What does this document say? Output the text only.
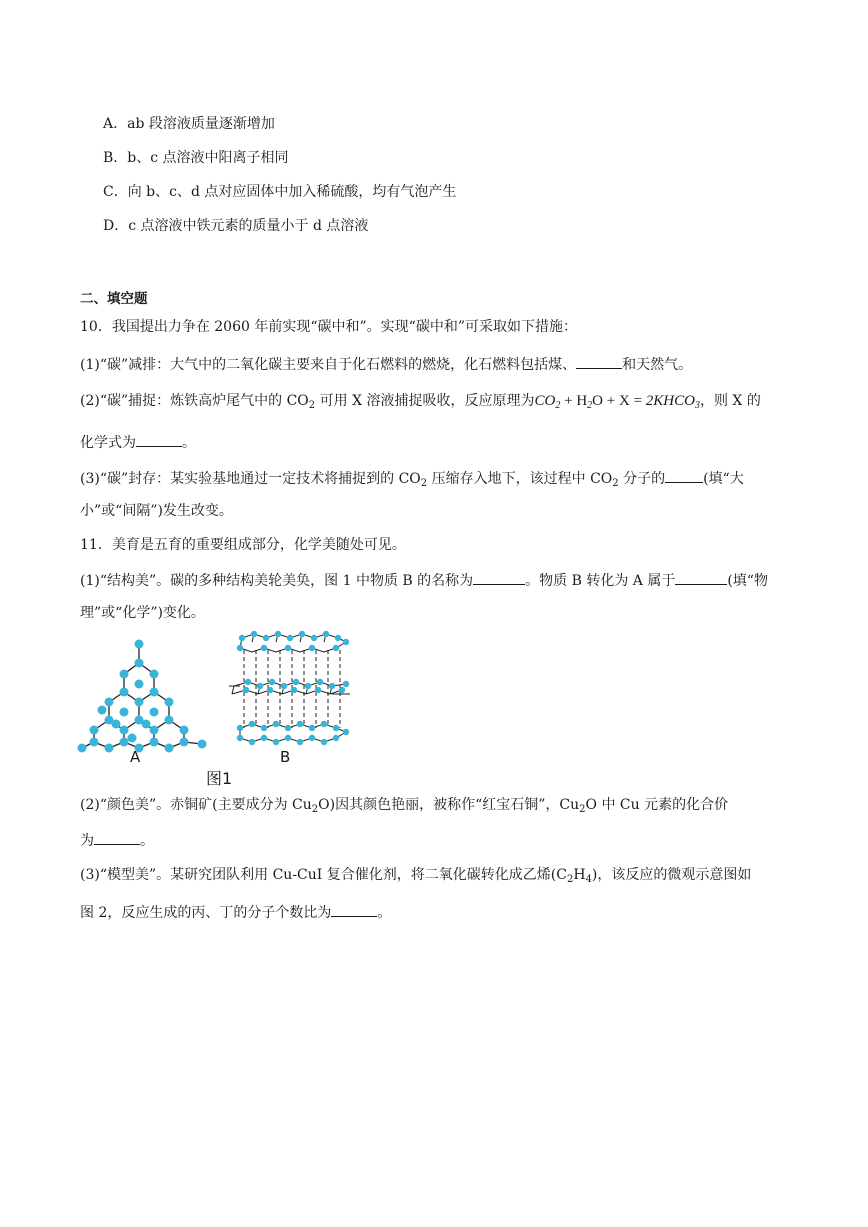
A．ab 段溶液质量逐渐增加
B．b、c 点溶液中阳离子相同
C．向 b、c、d 点对应固体中加入稀硫酸，均有气泡产生
D．c 点溶液中铁元素的质量小于 d 点溶液
二、填空题
10．我国提出力争在 2060 年前实现“碳中和”。实现“碳中和”可采取如下措施：
(1)“碳”减排：大气中的二氧化碳主要来自于化石燃料的燃烧，化石燃料包括煤、	和天然气。
(2)“碳”捕捉：炼铁高炉尾气中的 $CO_2$ 可用 X 溶液捕捉吸收，反应原理为$CO_2 + H_2O + X$ = $2KHCO_3$，则 X 的
化学式为	。
(3)“碳”封存：某实验基地通过一定技术将捕捉到的 $CO_2$ 压缩存入地下，该过程中 $CO_2$ 分子的	(填“大
小”或“间隔”)发生改变。
11．美育是五育的重要组成部分，化学美随处可见。
(1)“结构美”。碳的多种结构美轮美奂，图 1 中物质 B 的名称为	。物质 B 转化为 A 属于	(填“物
理”或“化学”)变化。
A	B
图1
(2)“颜色美”。赤铜矿(主要成分为 $Cu_2O$)因其颜色艳丽，被称作“红宝石铜”，$Cu_2O$ 中 Cu 元素的化合价
为	。
(3)“模型美”。某研究团队利用 Cu-CuI 复合催化剂，将二氧化碳转化成乙烯$(C_2H_4)$，该反应的微观示意图如
图 2，反应生成的丙、丁的分子个数比为	。
